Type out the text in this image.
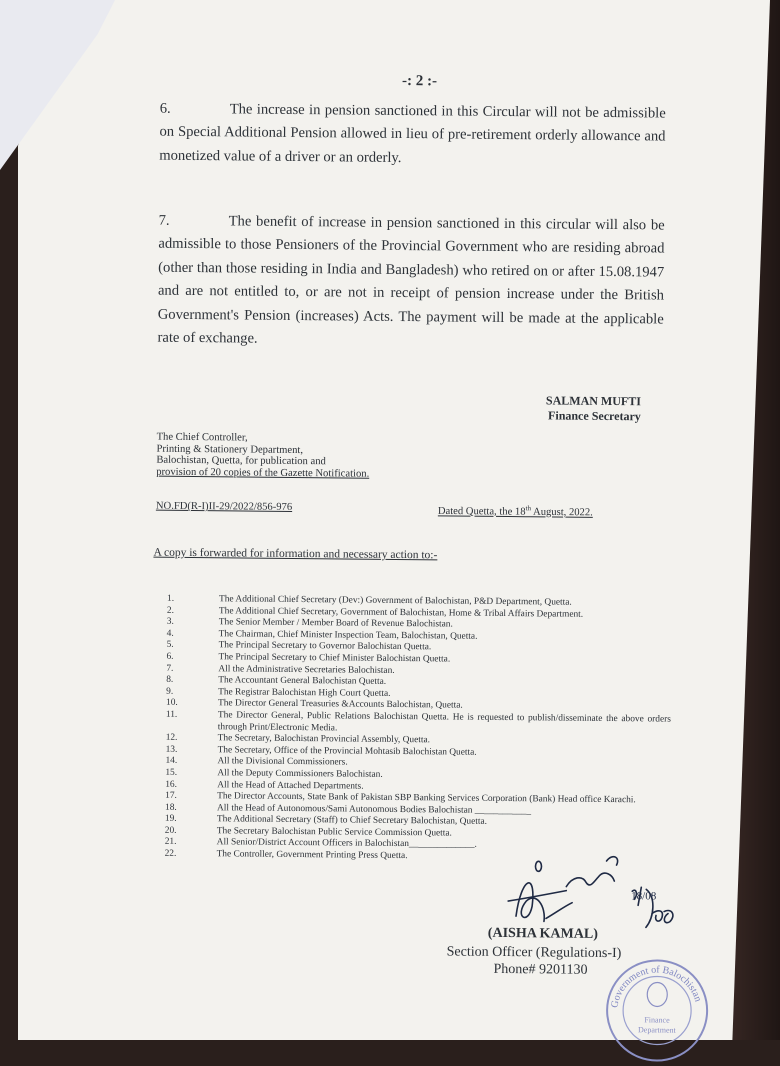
-: 2 :-
6.	The increase in pension sanctioned in this Circular will not be admissible on Special Additional Pension allowed in lieu of pre-retirement orderly allowance and monetized value of a driver or an orderly.
7.	The benefit of increase in pension sanctioned in this circular will also be admissible to those Pensioners of the Provincial Government who are residing abroad (other than those residing in India and Bangladesh) who retired on or after 15.08.1947 and are not entitled to, or are not in receipt of pension increase under the British Government's Pension (increases) Acts. The payment will be made at the applicable rate of exchange.
SALMAN MUFTI
Finance Secretary
The Chief Controller,
Printing & Stationery Department,
Balochistan, Quetta, for publication and
provision of 20 copies of the Gazette Notification.
NO.FD(R-I)II-29/2022/856-976	Dated Quetta, the 18th August, 2022.
A copy is forwarded for information and necessary action to:-
1.	The Additional Chief Secretary (Dev:) Government of Balochistan, P&D Department, Quetta.
2.	The Additional Chief Secretary, Government of Balochistan, Home & Tribal Affairs Department.
3.	The Senior Member / Member Board of Revenue Balochistan.
4.	The Chairman, Chief Minister Inspection Team, Balochistan, Quetta.
5.	The Principal Secretary to Governor Balochistan Quetta.
6.	The Principal Secretary to Chief Minister Balochistan Quetta.
7.	All the Administrative Secretaries Balochistan.
8.	The Accountant General Balochistan Quetta.
9.	The Registrar Balochistan High Court Quetta.
10.	The Director General Treasuries &Accounts Balochistan, Quetta.
11.	The Director General, Public Relations Balochistan Quetta. He is requested to publish/disseminate the above orders through Print/Electronic Media.
12.	The Secretary, Balochistan Provincial Assembly, Quetta.
13.	The Secretary, Office of the Provincial Mohtasib Balochistan Quetta.
14.	All the Divisional Commissioners.
15.	All the Deputy Commissioners Balochistan.
16.	All the Head of Attached Departments.
17.	The Director Accounts, State Bank of Pakistan SBP Banking Services Corporation (Bank) Head office Karachi.
18.	All the Head of Autonomous/Sami Autonomous Bodies Balochistan ____________
19.	The Additional Secretary (Staff) to Chief Secretary Balochistan, Quetta.
20.	The Secretary Balochistan Public Service Commission Quetta.
21.	All Senior/District Account Officers in Balochistan______________.
22.	The Controller, Government Printing Press Quetta.
18/08
(AISHA KAMAL)
Section Officer (Regulations-I)
Phone# 9201130
Government of Balochistan
Finance
Department
